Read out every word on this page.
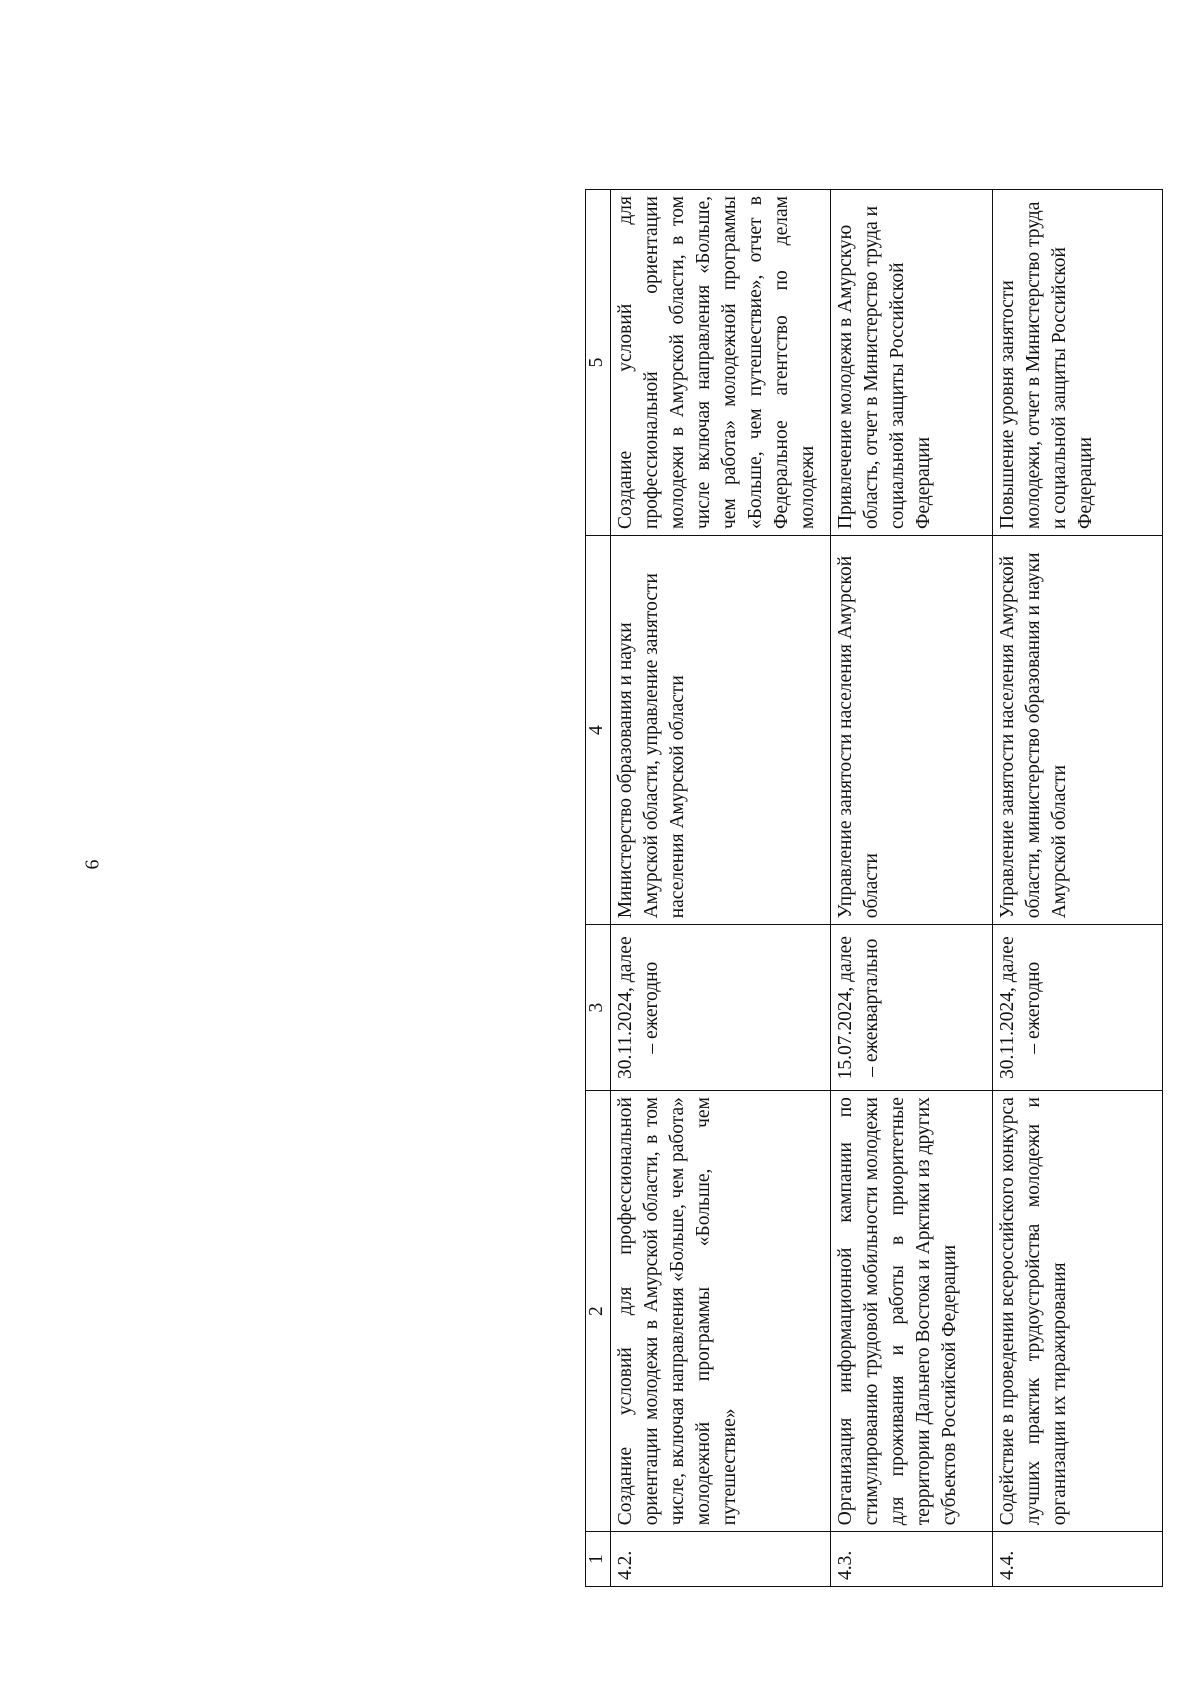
6
1	2	3	4	5
4.2.	Создание условий для профессиональной ориентации молодежи в Амурской области, в том числе, включая направления «Больше, чем работа» молодежной программы «Больше, чем путешествие»	30.11.2024, далее – ежегодно	Министерство образования и науки Амурской области, управление занятости населения Амурской области	Создание условий для профессиональной ориентации молодежи в Амурской области, в том числе включая направления «Больше, чем работа» молодежной программы «Больше, чем путешествие», отчет в Федеральное агентство по делам молодежи
4.3.	Организация информационной кампании по стимулированию трудовой мобильности молодежи для проживания и работы в приоритетные территории Дальнего Востока и Арктики из других субъектов Российской Федерации	15.07.2024, далее – ежеквартально	Управление занятости населения Амурской области	Привлечение молодежи в Амурскую область, отчет в Министерство труда и социальной защиты Российской Федерации
4.4.	Содействие в проведении всероссийского конкурса лучших практик трудоустройства молодежи и организации их тиражирования	30.11.2024, далее – ежегодно	Управление занятости населения Амурской области, министерство образования и науки Амурской области	Повышение уровня занятости молодежи, отчет в Министерство труда и социальной защиты Российской Федерации
